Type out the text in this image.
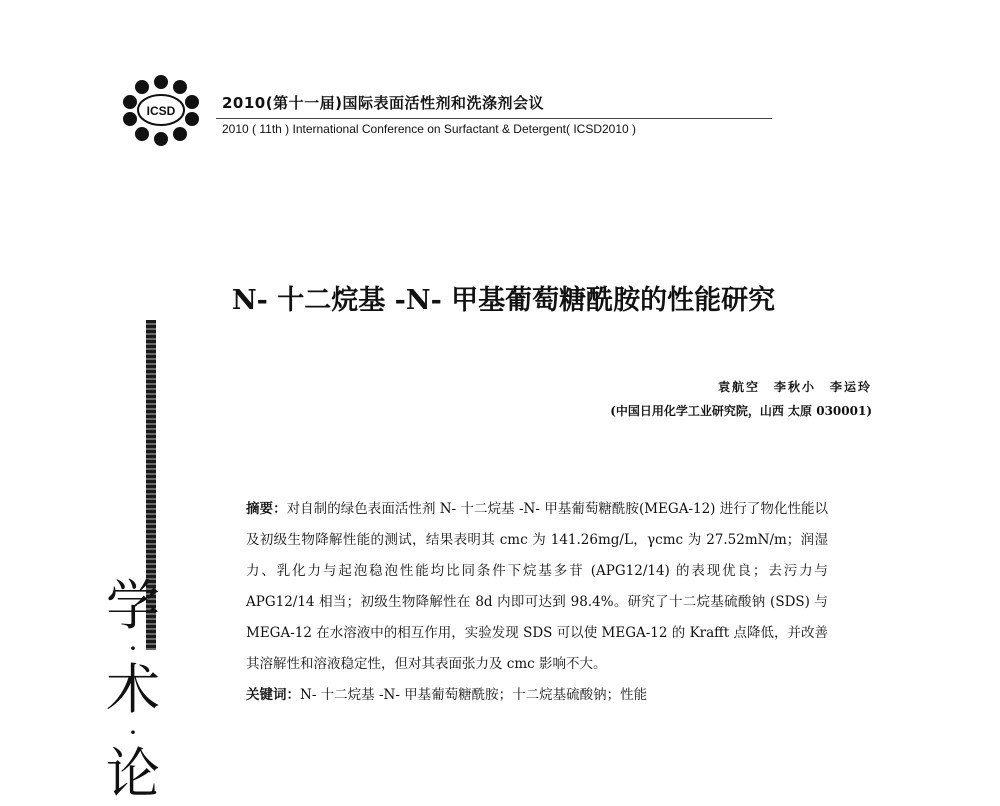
ICSD	2010(第十一届)国际表面活性剂和洗涤剂会议
2010 ( 11th ) International Conference on Surfactant & Detergent( ICSD2010 )
学
·
术
·
论
N- 十二烷基 -N- 甲基葡萄糖酰胺的性能研究
袁航空　李秋小　李运玲
(中国日用化学工业研究院，山西 太原 030001)

摘要：对自制的绿色表面活性剂 N- 十二烷基 -N- 甲基葡萄糖酰胺(MEGA-12) 进行了物化性能以及初级生物降解性能的测试，结果表明其 cmc 为 141.26mg/L，γcmc 为 27.52mN/m；润湿力、乳化力与起泡稳泡性能均比同条件下烷基多苷 (APG12/14) 的表现优良；去污力与 APG12/14 相当；初级生物降解性在 8d 内即可达到 98.4%。研究了十二烷基硫酸钠 (SDS) 与 MEGA-12 在水溶液中的相互作用，实验发现 SDS 可以使 MEGA-12 的 Krafft 点降低，并改善其溶解性和溶液稳定性，但对其表面张力及 cmc 影响不大。

关键词：N- 十二烷基 -N- 甲基葡萄糖酰胺；十二烷基硫酸钠；性能
